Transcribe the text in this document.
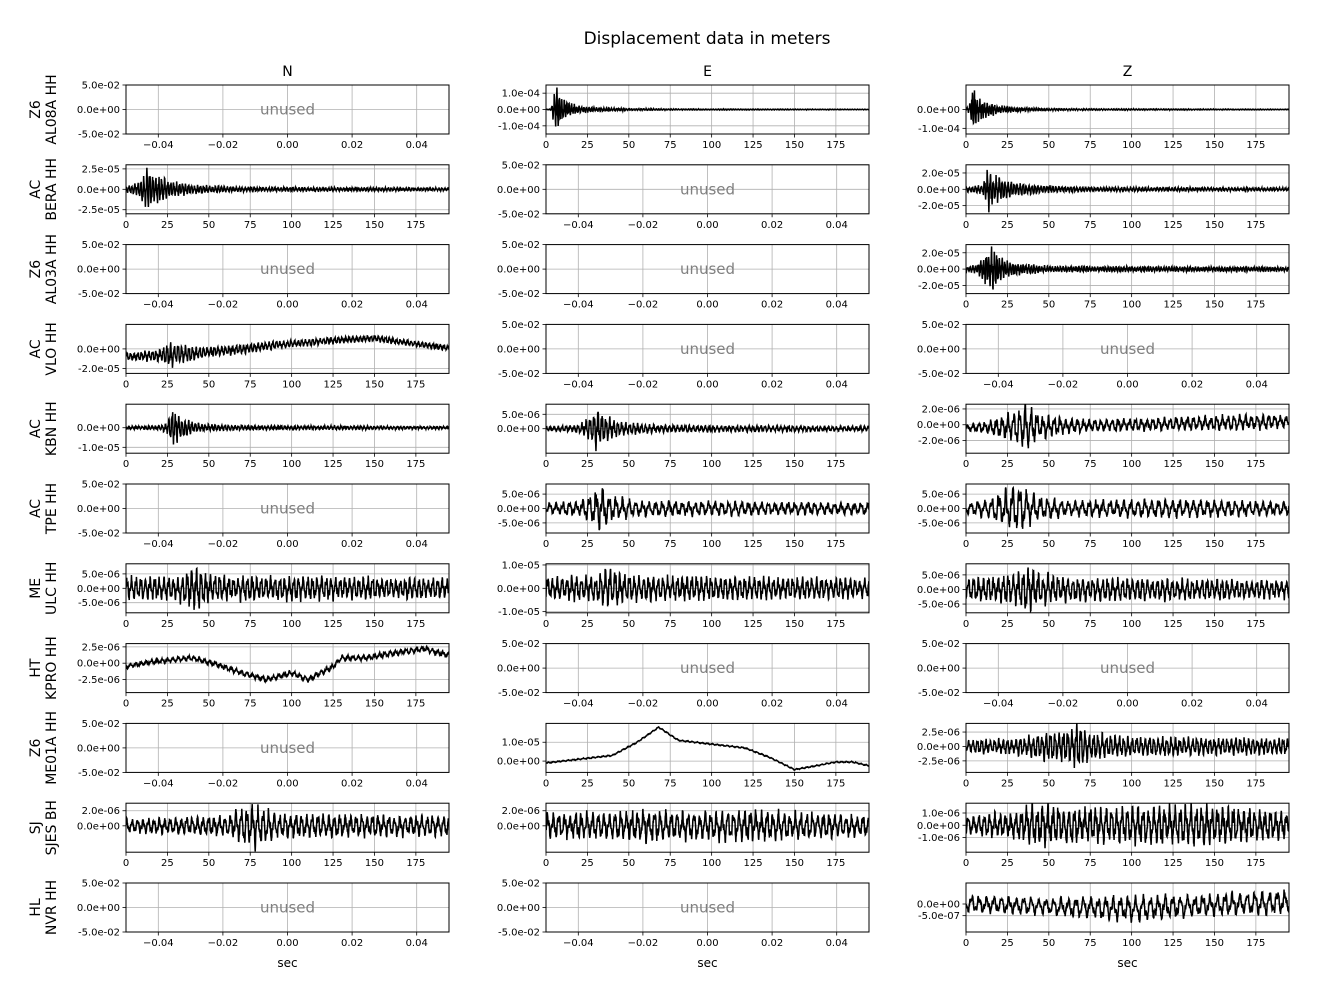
Displacement data in meters
N	E	Z
Z6 AL08A HH
−0.04	−0.02	0.00	0.02	0.04
5.0e-02
0.0e+00
-5.0e-02
unused
0	25	50	75	100 125 150 175
1.0e-04
0.0e+00
-1.0e-04
0	25	50	75	100 125 150 175
0.0e+00
-1.0e-04
AC BERA HH
0	25	50	75	100 125 150 175
2.5e-05
0.0e+00
-2.5e-05
−0.04	−0.02	0.00	0.02	0.04
5.0e-02
0.0e+00
-5.0e-02
unused
0	25	50	75	100 125 150 175
2.0e-05
0.0e+00
-2.0e-05
Z6 AL03A HH
−0.04	−0.02	0.00	0.02	0.04
5.0e-02
0.0e+00
-5.0e-02
unused
−0.04	−0.02	0.00	0.02	0.04
5.0e-02
0.0e+00
-5.0e-02
unused
0	25	50	75	100 125 150 175
2.0e-05
0.0e+00
-2.0e-05
AC VLO HH
0	25	50	75	100 125 150 175
0.0e+00
-2.0e-05
−0.04	−0.02	0.00	0.02	0.04
5.0e-02
0.0e+00
-5.0e-02
unused
−0.04	−0.02	0.00	0.02	0.04
5.0e-02
0.0e+00
-5.0e-02
unused
AC KBN HH
0	25	50	75	100 125 150 175
0.0e+00
-1.0e-05
0	25	50	75	100 125 150 175
5.0e-06
0.0e+00
0	25	50	75	100 125 150 175
2.0e-06
0.0e+00
-2.0e-06
AC TPE HH
−0.04	−0.02	0.00	0.02	0.04
5.0e-02
0.0e+00
-5.0e-02
unused
0	25	50	75	100 125 150 175
5.0e-06
0.0e+00
-5.0e-06
0	25	50	75	100 125 150 175
5.0e-06
0.0e+00
-5.0e-06
ME ULC HH
0	25	50	75	100 125 150 175
5.0e-06
0.0e+00
-5.0e-06
0	25	50	75	100 125 150 175
1.0e-05
0.0e+00
-1.0e-05
0	25	50	75	100 125 150 175
5.0e-06
0.0e+00
-5.0e-06
HT KPRO HH
0	25	50	75	100 125 150 175
2.5e-06
0.0e+00
-2.5e-06
−0.04	−0.02	0.00	0.02	0.04
5.0e-02
0.0e+00
-5.0e-02
unused
−0.04	−0.02	0.00	0.02	0.04
5.0e-02
0.0e+00
-5.0e-02
unused
Z6 ME01A HH	−0.04	−0.02	0.00	0.02	0.04
5.0e-02
0.0e+00
-5.0e-02
unused
0	25	50	75	100 125 150 175
1.0e-05
0.0e+00
0	25	50	75	100 125 150 175
2.5e-06
0.0e+00
-2.5e-06
SJ SJES BH
0	25	50	75	100 125 150 175
2.0e-06
0.0e+00
0	25	50	75	100 125 150 175
2.0e-06
0.0e+00
0	25	50	75	100 125 150 175
1.0e-06
0.0e+00
-1.0e-06
HL NVR HH
−0.04	−0.02	0.00	0.02	0.04
5.0e-02
0.0e+00
-5.0e-02
unused
sec
−0.04	−0.02	0.00	0.02	0.04
5.0e-02
0.0e+00
-5.0e-02
unused
sec
0	25	50	75	100 125 150 175
0.0e+00
-5.0e-07
sec
